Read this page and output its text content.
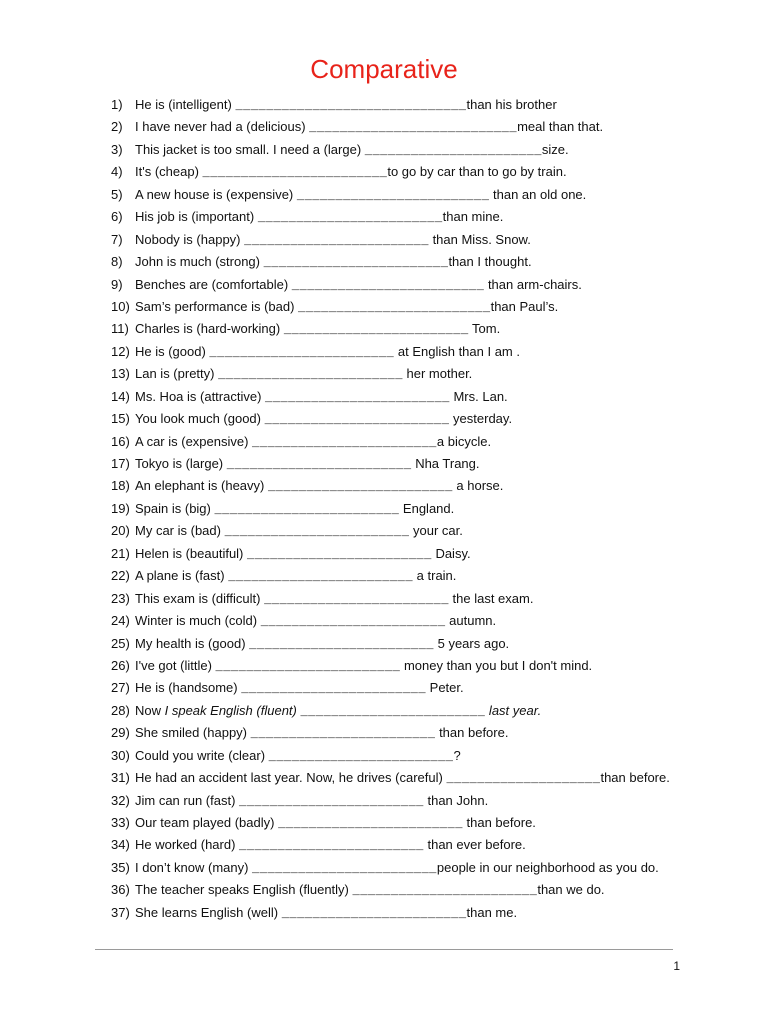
Comparative
1) He is (intelligent) ______________________________than his brother
2) I have never had a (delicious) ___________________________meal than that.
3) This jacket is too small. I need a (large) _______________________size.
4) It's (cheap) ________________________to go by car than to go by train.
5) A new house is (expensive) _________________________ than an old one.
6) His job is (important) ________________________than mine.
7) Nobody is (happy) ________________________ than Miss. Snow.
8) John is much (strong) ________________________than I thought.
9) Benches are (comfortable) _________________________ than arm-chairs.
10) Sam’s performance is (bad) _________________________than Paul’s.
11) Charles is (hard-working) ________________________ Tom.
12) He is (good) ________________________ at English than I am .
13) Lan is (pretty) ________________________ her mother.
14) Ms. Hoa is (attractive) ________________________ Mrs. Lan.
15) You look much (good) ________________________ yesterday.
16) A car is (expensive) ________________________a bicycle.
17) Tokyo is (large) ________________________ Nha Trang.
18) An elephant is (heavy) ________________________ a horse.
19) Spain is (big) ________________________ England.
20) My car is (bad) ________________________ your car.
21) Helen is (beautiful) ________________________ Daisy.
22) A plane is (fast) ________________________ a train.
23) This exam is (difficult) ________________________ the last exam.
24) Winter is much (cold) ________________________ autumn.
25) My health is (good) ________________________ 5 years ago.
26) I've got (little) ________________________ money than you but I don't mind.
27) He is (handsome) ________________________ Peter.
28) Now I speak English (fluent) ________________________ last year.
29) She smiled (happy) ________________________ than before.
30) Could you write (clear) ________________________?
31) He had an accident last year. Now, he drives (careful) ____________________than before.
32) Jim can run (fast) ________________________ than John.
33) Our team played (badly) ________________________ than before.
34) He worked (hard) ________________________ than ever before.
35) I don’t know (many) ________________________people in our neighborhood as you do.
36) The teacher speaks English (fluently) ________________________than we do.
37) She learns English (well) ________________________than me.
1
